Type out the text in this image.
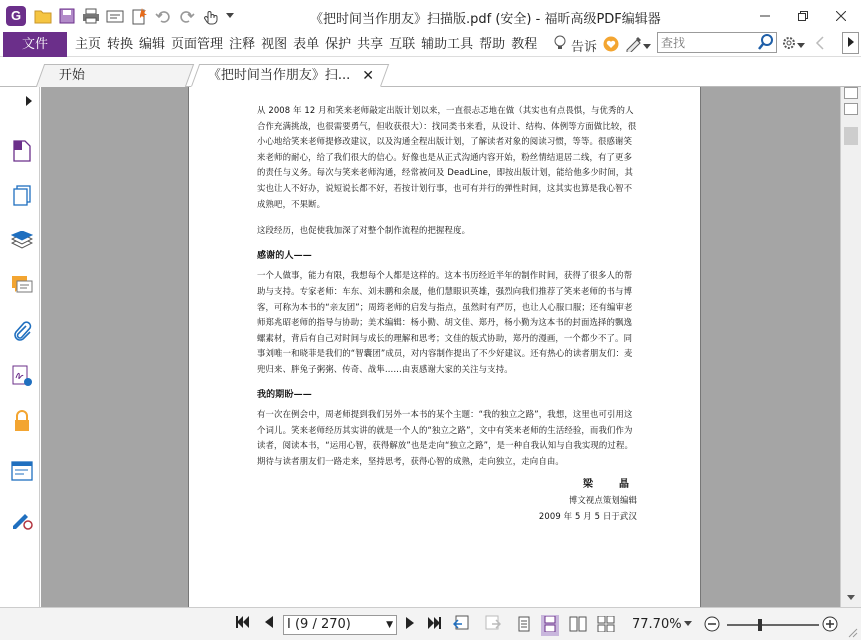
G	《把时间当作朋友》扫描版.pdf (安全) - 福昕高级PDF编辑器
文件	主页 转换 编辑 页面管理 注释 视图 表单 保护 共享 互联 辅助工具 帮助 教程	告诉
查找
开始	《把时间当作朋友》扫... ✕

从 2008 年 12 月和笑来老师敲定出版计划以来，一直很忐忑地在做（其实也有点畏惧，与优秀的人合作充满挑战，也很需要勇气，但收获很大）：找同类书来看，从设计、结构、体例等方面做比较，很小心地给笑来老师提修改建议，以及沟通全程出版计划，了解读者对象的阅读习惯，等等。很感谢笑来老师的耐心，给了我们很大的信心。好像也是从正式沟通内容开始，粉丝情结退居二线，有了更多的责任与义务。每次与笑来老师沟通，经常被问及 DeadLine，即按出版计划，能给他多少时间，其实也让人不好办，说短说长都不好，若按计划行事，也可有并行的弹性时间，这其实也算是我心智不成熟吧，不果断。

这段经历，也促使我加深了对整个制作流程的把握程度。

感谢的人——

一个人做事，能力有限，我想每个人都是这样的。这本书历经近半年的制作时间，获得了很多人的帮助与支持。专家老师：车东、刘未鹏和余晟，他们慧眼识英雄，强烈向我们推荐了笑来老师的书与博客，可称为本书的“亲友团”；周筠老师的启发与指点，虽然时有严厉，也让人心服口服；还有编审老师郑兆昭老师的指导与协助；美术编辑：杨小勤、胡文佳、郑丹，杨小勤为这本书的封面选择的飘逸螺素材，背后有自己对时间与成长的理解和思考；文佳的版式协助，郑丹的漫画，一个都少不了。同事刘唯一和晓菲是我们的“智囊团”成员，对内容制作提出了不少好建议。还有热心的读者朋友们：麦兜归来、胖兔子粥粥、传奇、战隼……由衷感谢大家的关注与支持。

我的期盼——

有一次在例会中，周老师提到我们另外一本书的某个主题：“我的独立之路”，我想，这里也可引用这个词儿。笑来老师经历其实讲的就是一个人的“独立之路”，文中有笑来老师的生活经验，而我们作为读者，阅读本书，“运用心智，获得解放”也是走向“独立之路”，是一种自我认知与自我实现的过程。期待与读者朋友们一路走来，坚持思考，获得心智的成熟，走向独立，走向自由。

梁　晶
博文视点策划编辑
2009 年 5 月 5 日于武汉
I (9 / 270)	▼	77.70%
